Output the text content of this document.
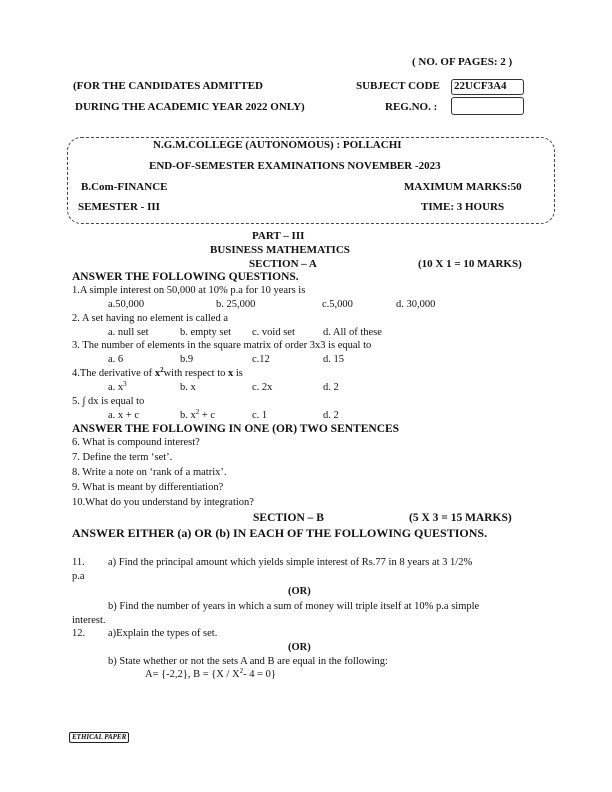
( NO. OF PAGES: 2 )
(FOR THE CANDIDATES ADMITTED
DURING THE ACADEMIC YEAR 2022 ONLY)
SUBJECT CODE 22UCF3A4
REG.NO. :
N.G.M.COLLEGE (AUTONOMOUS) : POLLACHI
END-OF-SEMESTER EXAMINATIONS NOVEMBER -2023
B.Com-FINANCE	MAXIMUM MARKS:50
SEMESTER - III	TIME: 3 HOURS
PART – III
BUSINESS MATHEMATICS
SECTION – A	(10 X 1 = 10 MARKS)
ANSWER THE FOLLOWING QUESTIONS.
1.A simple interest on 50,000 at 10% p.a for 10 years is
a.50,000	b. 25,000	c.5,000	d. 30,000
2. A set having no element is called a
a. null set	b. empty set c. void set	d. All of these
3. The number of elements in the square matrix of order 3x3 is equal to
a. 6	b.9	c.12	d. 15
4.The derivative of $x^2with$ respect to x is
a. $x^3$	b. x	c. 2x	d. 2
5. ∫ dx is equal to
a. x + c	b. $x^2 + c$	c. 1	d. 2
ANSWER THE FOLLOWING IN ONE (OR) TWO SENTENCES
6. What is compound interest?
7. Define the term ‘set’.
8. Write a note on ‘rank of a matrix’.
9. What is meant by differentiation?
10.What do you understand by integration?
SECTION – B	(5 X 3 = 15 MARKS)
ANSWER EITHER (a) OR (b) IN EACH OF THE FOLLOWING QUESTIONS.
11. a) Find the principal amount which yields simple interest of Rs.77 in 8 years at 3 1/2%
p.a
(OR)
b) Find the number of years in which a sum of money will triple itself at 10% p.a simple
interest.
12. a)Explain the types of set.
(OR)
b) State whether or not the sets A and B are equal in the following:
A= {-2,2}, $B = \{X / X^2-$ 4 = 0}
ETHICAL PAPER
